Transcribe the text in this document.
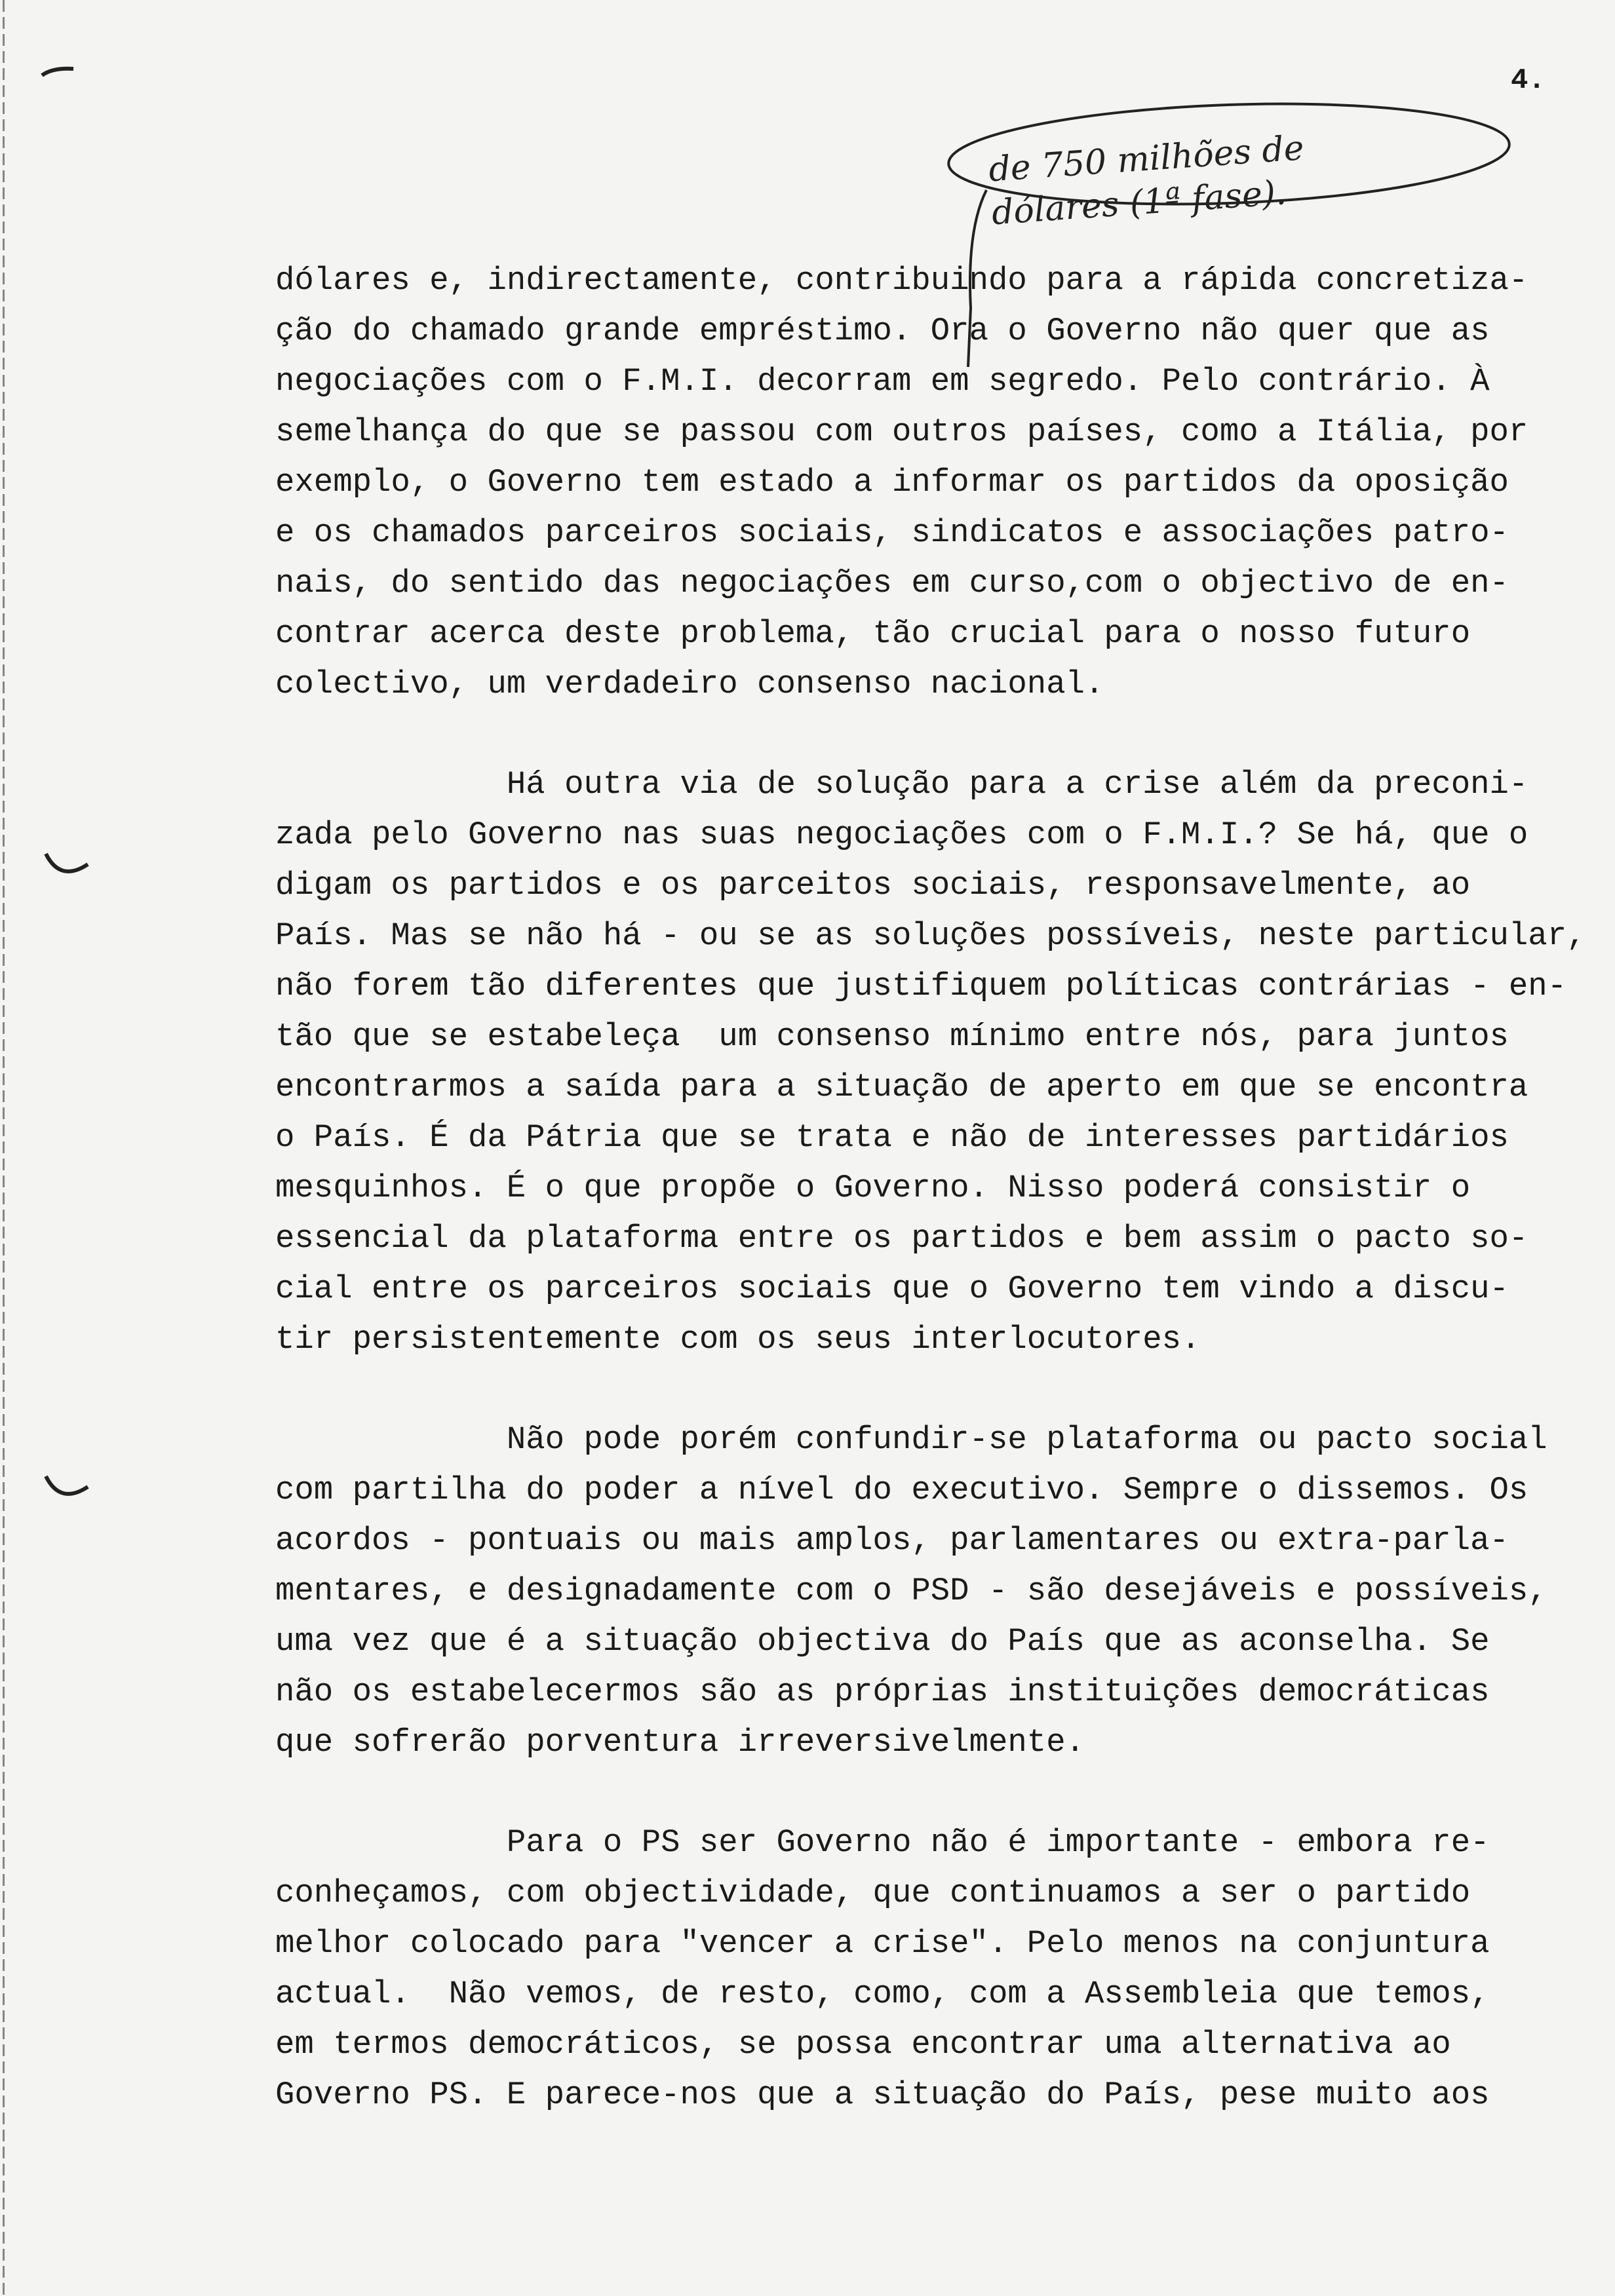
4.
de 750 milhões de
dólares (1ª fase).

dólares e, indirectamente, contribuindo para a rápida concretiza-
ção do chamado grande empréstimo. Ora o Governo não quer que as
negociações com o F.M.I. decorram em segredo. Pelo contrário. À
semelhança do que se passou com outros países, como a Itália, por
exemplo, o Governo tem estado a informar os partidos da oposição
e os chamados parceiros sociais, sindicatos e associações patro-
nais, do sentido das negociações em curso,com o objectivo de en-
contrar acerca deste problema, tão crucial para o nosso futuro
colectivo, um verdadeiro consenso nacional.

Há outra via de solução para a crise além da preconi-
zada pelo Governo nas suas negociações com o F.M.I.? Se há, que o
digam os partidos e os parceitos sociais, responsavelmente, ao
País. Mas se não há - ou se as soluções possíveis, neste particular,
não forem tão diferentes que justifiquem políticas contrárias - en-
tão que se estabeleça  um consenso mínimo entre nós, para juntos
encontrarmos a saída para a situação de aperto em que se encontra
o País. É da Pátria que se trata e não de interesses partidários
mesquinhos. É o que propõe o Governo. Nisso poderá consistir o
essencial da plataforma entre os partidos e bem assim o pacto so-
cial entre os parceiros sociais que o Governo tem vindo a discu-
tir persistentemente com os seus interlocutores.

Não pode porém confundir-se plataforma ou pacto social
com partilha do poder a nível do executivo. Sempre o dissemos. Os
acordos - pontuais ou mais amplos, parlamentares ou extra-parla-
mentares, e designadamente com o PSD - são desejáveis e possíveis,
uma vez que é a situação objectiva do País que as aconselha. Se
não os estabelecermos são as próprias instituições democráticas
que sofrerão porventura irreversivelmente.

Para o PS ser Governo não é importante - embora re-
conheçamos, com objectividade, que continuamos a ser o partido
melhor colocado para "vencer a crise". Pelo menos na conjuntura
actual.  Não vemos, de resto, como, com a Assembleia que temos,
em termos democráticos, se possa encontrar uma alternativa ao
Governo PS. E parece-nos que a situação do País, pese muito aos
